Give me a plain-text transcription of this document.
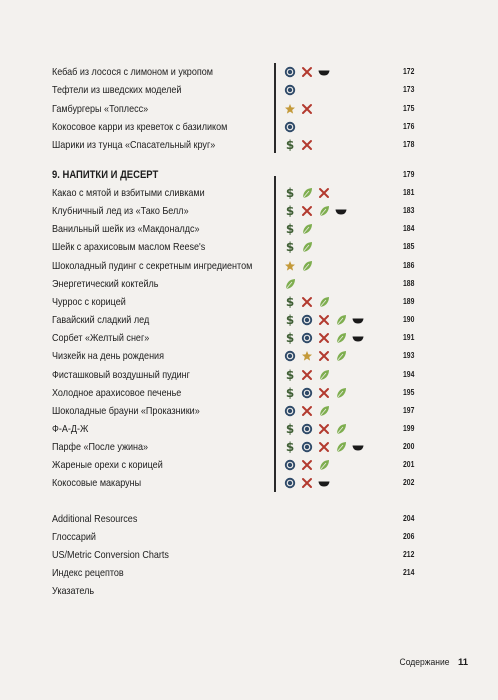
Кебаб из лосося с лимоном и укропом	172
Тефтели из шведских моделей	173
Гамбургеры «Топлесс»	175
Кокосовое карри из креветок с базиликом	176
Шарики из тунца «Спасательный круг»	$	178
9. НАПИТКИ И ДЕСЕРТ	179
Какао с мятой и взбитыми сливками	$	181
Клубничный лед из «Тако Белл»	$	183
Ванильный шейк из «Макдоналдс»	$	184
Шейк с арахисовым маслом Reese's	$	185
Шоколадный пудинг с секретным ингредиентом	186
Энергетический коктейль	188
Чуррос с корицей	$	189
Гавайский сладкий лед	$	190
Сорбет «Желтый снег»	$	191
Чизкейк на день рождения	193
Фисташковый воздушный пудинг	$	194
Холодное арахисовое печенье	$	195
Шоколадные брауни «Проказники»	197
Ф-А-Д-Ж	$	199
Парфе «После ужина»	$	200
Жареные орехи с корицей	201
Кокосовые макаруны	202
Additional Resources	204
Глоссарий	206
US/Metric Conversion Charts	212
Индекс рецептов	214
Указатель
Содержание 11
